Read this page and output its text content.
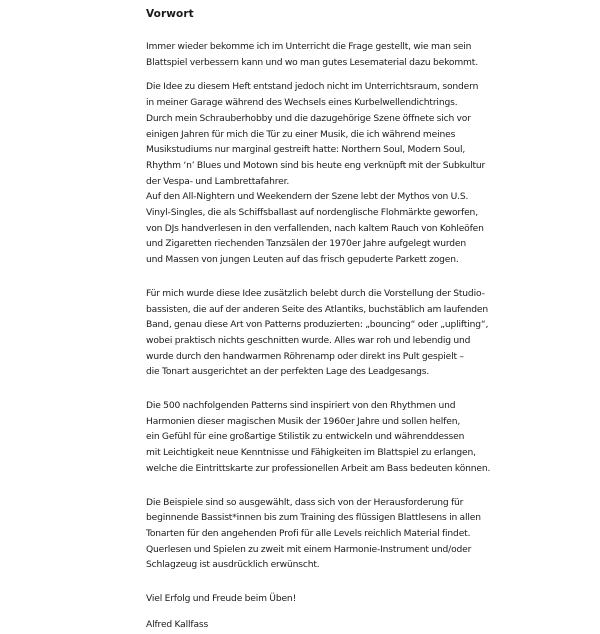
Vorwort

Immer wieder bekomme ich im Unterricht die Frage gestellt, wie man sein
Blattspiel verbessern kann und wo man gutes Lesematerial dazu bekommt.

Die Idee zu diesem Heft entstand jedoch nicht im Unterrichtsraum, sondern
in meiner Garage während des Wechsels eines Kurbelwellendichtrings.
Durch mein Schrauberhobby und die dazugehörige Szene öffnete sich vor
einigen Jahren für mich die Tür zu einer Musik, die ich während meines
Musikstudiums nur marginal gestreift hatte: Northern Soul, Modern Soul,
Rhythm ‘n’ Blues und Motown sind bis heute eng verknüpft mit der Subkultur
der Vespa- und Lambrettafahrer.
Auf den All-Nightern und Weekendern der Szene lebt der Mythos von U.S.
Vinyl-Singles, die als Schiffsballast auf nordenglische Flohmärkte geworfen,
von DJs handverlesen in den verfallenden, nach kaltem Rauch von Kohleöfen
und Zigaretten riechenden Tanzsälen der 1970er Jahre aufgelegt wurden
und Massen von jungen Leuten auf das frisch gepuderte Parkett zogen.

Für mich wurde diese Idee zusätzlich belebt durch die Vorstellung der Studio-
bassisten, die auf der anderen Seite des Atlantiks, buchstäblich am laufenden
Band, genau diese Art von Patterns produzierten: „bouncing“ oder „uplifting“,
wobei praktisch nichts geschnitten wurde. Alles war roh und lebendig und
wurde durch den handwarmen Röhrenamp oder direkt ins Pult gespielt –
die Tonart ausgerichtet an der perfekten Lage des Leadgesangs.

Die 500 nachfolgenden Patterns sind inspiriert von den Rhythmen und
Harmonien dieser magischen Musik der 1960er Jahre und sollen helfen,
ein Gefühl für eine großartige Stilistik zu entwickeln und währenddessen
mit Leichtigkeit neue Kenntnisse und Fähigkeiten im Blattspiel zu erlangen,
welche die Eintrittskarte zur professionellen Arbeit am Bass bedeuten können.

Die Beispiele sind so ausgewählt, dass sich von der Herausforderung für
beginnende Bassist*innen bis zum Training des flüssigen Blattlesens in allen
Tonarten für den angehenden Profi für alle Levels reichlich Material findet.
Querlesen und Spielen zu zweit mit einem Harmonie-Instrument und/oder
Schlagzeug ist ausdrücklich erwünscht.

Viel Erfolg und Freude beim Üben!

Alfred Kallfass
